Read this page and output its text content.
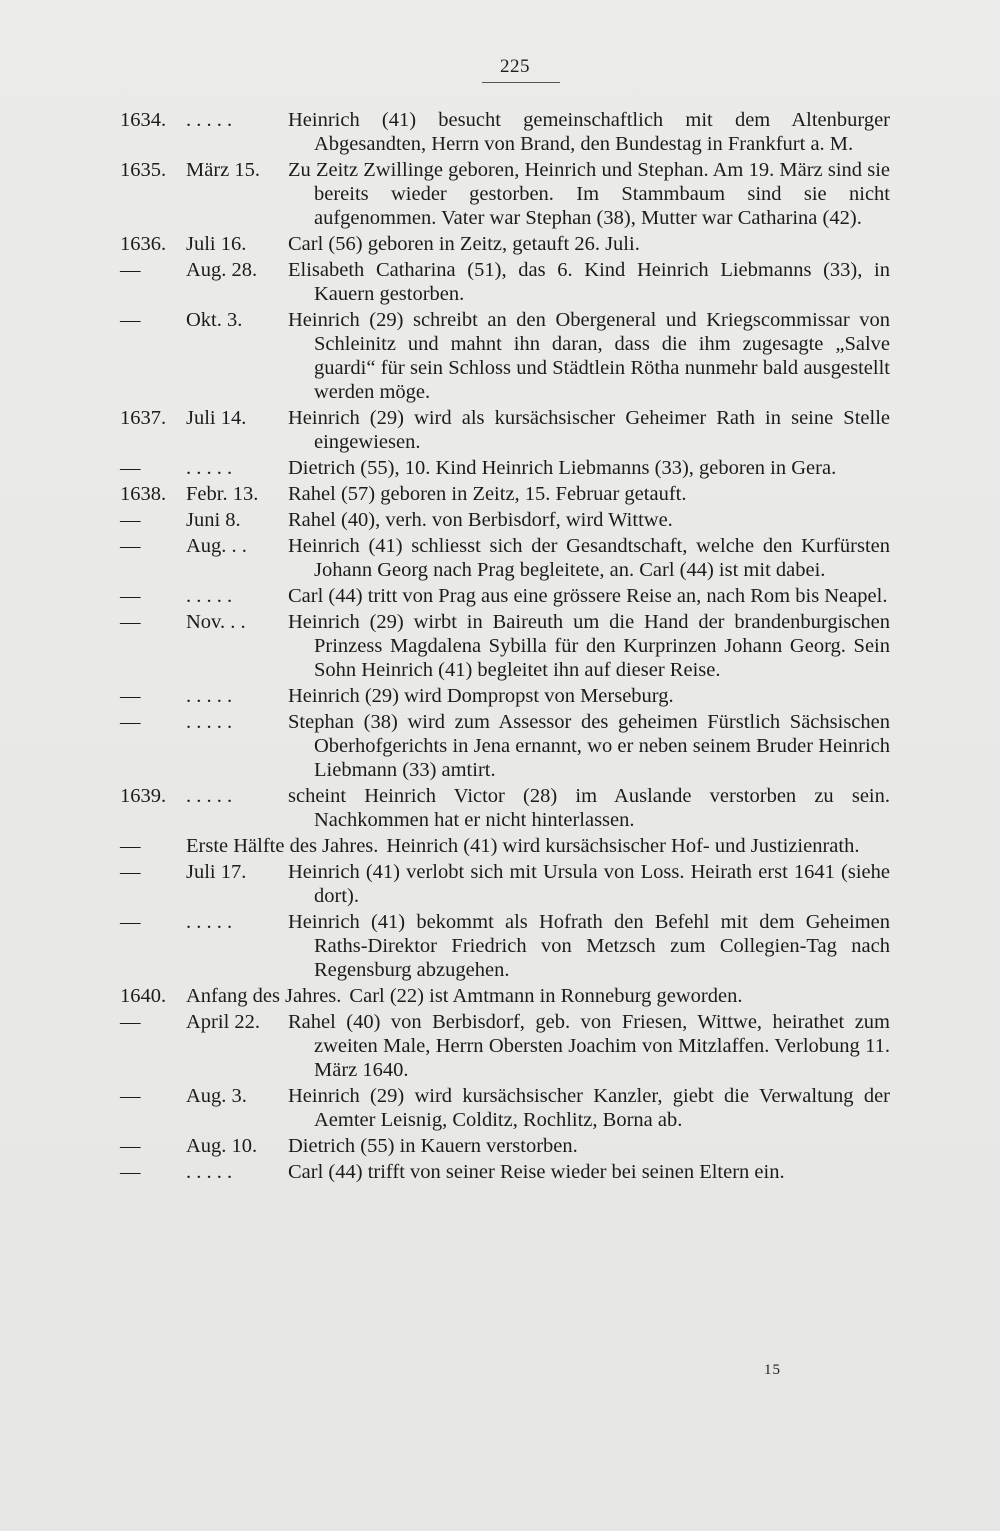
225
1634. . . . . .	Heinrich (41) besucht gemeinschaftlich mit dem Altenburger Abgesandten, Herrn von Brand, den Bundestag in Frankfurt a. M.
1635. März 15.	Zu Zeitz Zwillinge geboren, Heinrich und Stephan. Am 19. März sind sie bereits wieder gestorben. Im Stammbaum sind sie nicht aufgenommen. Vater war Stephan (38), Mutter war Catharina (42).
1636. Juli 16.	Carl (56) geboren in Zeitz, getauft 26. Juli.
—	Aug. 28.	Elisabeth Catharina (51), das 6. Kind Heinrich Liebmanns (33), in Kauern gestorben.
—	Okt. 3.	Heinrich (29) schreibt an den Obergeneral und Kriegscommissar von Schleinitz und mahnt ihn daran, dass die ihm zugesagte „Salve guardi“ für sein Schloss und Städtlein Rötha nunmehr bald ausgestellt werden möge.
1637. Juli 14.	Heinrich (29) wird als kursächsischer Geheimer Rath in seine Stelle eingewiesen.
—	. . . . .	Dietrich (55), 10. Kind Heinrich Liebmanns (33), geboren in Gera.
1638. Febr. 13.	Rahel (57) geboren in Zeitz, 15. Februar getauft.
—	Juni 8.	Rahel (40), verh. von Berbisdorf, wird Wittwe.
—	Aug. . .	Heinrich (41) schliesst sich der Gesandtschaft, welche den Kurfürsten Johann Georg nach Prag begleitete, an. Carl (44) ist mit dabei.
—	. . . . .	Carl (44) tritt von Prag aus eine grössere Reise an, nach Rom bis Neapel.
—	Nov. . .	Heinrich (29) wirbt in Baireuth um die Hand der brandenburgischen Prinzess Magdalena Sybilla für den Kurprinzen Johann Georg. Sein Sohn Heinrich (41) begleitet ihn auf dieser Reise.
—	. . . . .	Heinrich (29) wird Dompropst von Merseburg.
—	. . . . .	Stephan (38) wird zum Assessor des geheimen Fürstlich Sächsischen Oberhofgerichts in Jena ernannt, wo er neben seinem Bruder Heinrich Liebmann (33) amtirt.
1639. . . . . .	scheint Heinrich Victor (28) im Auslande verstorben zu sein. Nachkommen hat er nicht hinterlassen.
—	Erste Hälfte des Jahres. Heinrich (41) wird kursächsischer Hof- und Justizienrath.
—	Juli 17.	Heinrich (41) verlobt sich mit Ursula von Loss. Heirath erst 1641 (siehe dort).
—	. . . . .	Heinrich (41) bekommt als Hofrath den Befehl mit dem Geheimen Raths-Direktor Friedrich von Metzsch zum Collegien-Tag nach Regensburg abzugehen.
1640. Anfang des Jahres. Carl (22) ist Amtmann in Ronneburg geworden.
—	April 22.	Rahel (40) von Berbisdorf, geb. von Friesen, Wittwe, heirathet zum zweiten Male, Herrn Obersten Joachim von Mitzlaffen. Verlobung 11. März 1640.
—	Aug. 3.	Heinrich (29) wird kursächsischer Kanzler, giebt die Verwaltung der Aemter Leisnig, Colditz, Rochlitz, Borna ab.
—	Aug. 10.	Dietrich (55) in Kauern verstorben.
—	. . . . .	Carl (44) trifft von seiner Reise wieder bei seinen Eltern ein.
15
